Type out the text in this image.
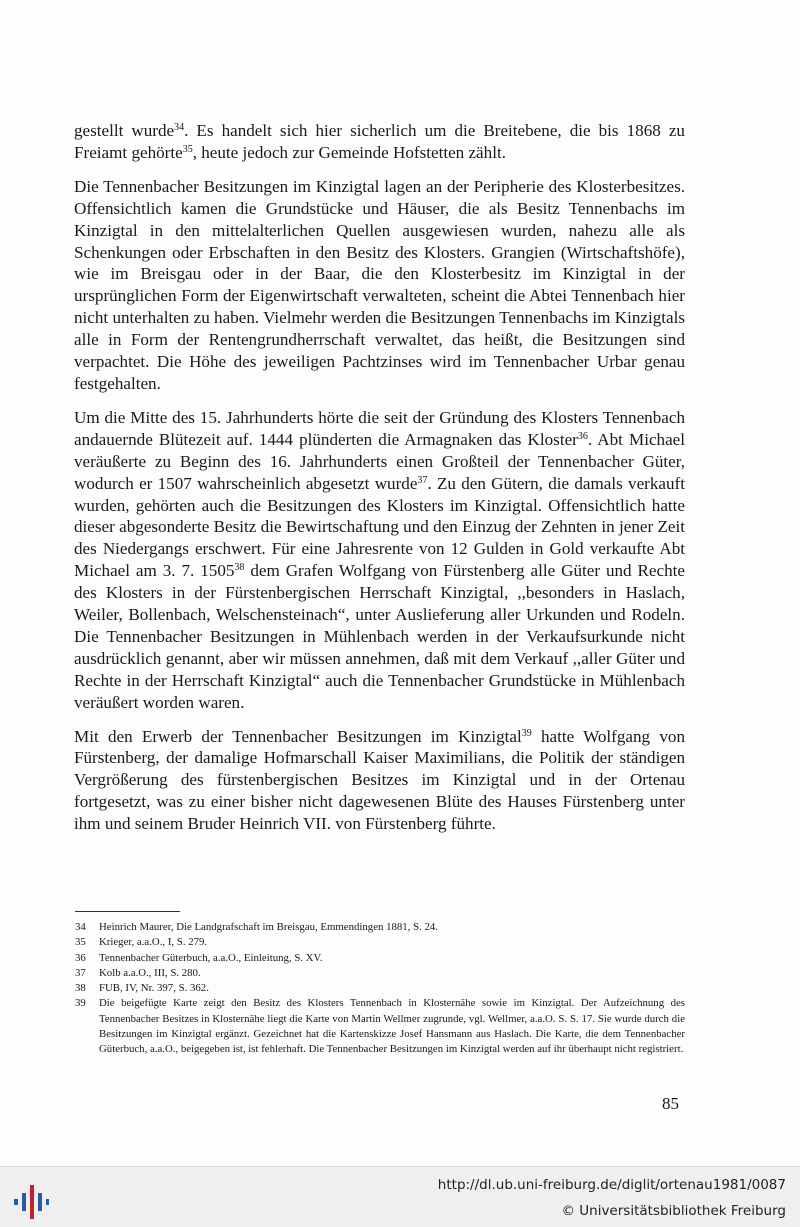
gestellt wurde$^{34}$. Es handelt sich hier sicherlich um die Breitebene, die bis 1868 zu Freiamt gehörte$^{35}$, heute jedoch zur Gemeinde Hofstetten zählt.

Die Tennenbacher Besitzungen im Kinzigtal lagen an der Peripherie des Klosterbesitzes. Offensichtlich kamen die Grundstücke und Häuser, die als Besitz Tennenbachs im Kinzigtal in den mittelalterlichen Quellen ausgewiesen wurden, nahezu alle als Schenkungen oder Erbschaften in den Besitz des Klosters. Grangien (Wirtschaftshöfe), wie im Breisgau oder in der Baar, die den Klosterbesitz im Kinzigtal in der ursprünglichen Form der Eigenwirtschaft verwalteten, scheint die Abtei Tennenbach hier nicht unterhalten zu haben. Vielmehr werden die Besitzungen Tennenbachs im Kinzigtals alle in Form der Rentengrundherrschaft verwaltet, das heißt, die Besitzungen sind verpachtet. Die Höhe des jeweiligen Pachtzinses wird im Tennenbacher Urbar genau festgehalten.

Um die Mitte des 15. Jahrhunderts hörte die seit der Gründung des Klosters Tennenbach andauernde Blütezeit auf. 1444 plünderten die Armagnaken das Kloster$^{36}$. Abt Michael veräußerte zu Beginn des 16. Jahrhunderts einen Großteil der Tennenbacher Güter, wodurch er 1507 wahrscheinlich abgesetzt wurde$^{37}$. Zu den Gütern, die damals verkauft wurden, gehörten auch die Besitzungen des Klosters im Kinzigtal. Offensichtlich hatte dieser abgesonderte Besitz die Bewirtschaftung und den Einzug der Zehnten in jener Zeit des Niedergangs erschwert. Für eine Jahresrente von 12 Gulden in Gold verkaufte Abt Michael am 3. 7. 1505$^{38}$ dem Grafen Wolfgang von Fürstenberg alle Güter und Rechte des Klosters in der Fürstenbergischen Herrschaft Kinzigtal, ,,besonders in Haslach, Weiler, Bollenbach, Welschensteinach“, unter Auslieferung aller Urkunden und Rodeln. Die Tennenbacher Besitzungen in Mühlenbach werden in der Verkaufsurkunde nicht ausdrücklich genannt, aber wir müssen annehmen, daß mit dem Verkauf ,,aller Güter und Rechte in der Herrschaft Kinzigtal“ auch die Tennenbacher Grundstücke in Mühlenbach veräußert worden waren.

Mit den Erwerb der Tennenbacher Besitzungen im Kinzigtal$^{39}$ hatte Wolfgang von Fürstenberg, der damalige Hofmarschall Kaiser Maximilians, die Politik der ständigen Vergrößerung des fürstenbergischen Besitzes im Kinzigtal und in der Ortenau fortgesetzt, was zu einer bisher nicht dagewesenen Blüte des Hauses Fürstenberg unter ihm und seinem Bruder Heinrich VII. von Fürstenberg führte.

34	Heinrich Maurer, Die Landgrafschaft im Breisgau, Emmendingen 1881, S. 24.
35	Krieger, a.a.O., I, S. 279.
36	Tennenbacher Güterbuch, a.a.O., Einleitung, S. XV.
37	Kolb a.a.O., III, S. 280.
38	FUB, IV, Nr. 397, S. 362.
39	Die beigefügte Karte zeigt den Besitz des Klosters Tennenbach in Klosternähe sowie im Kinzigtal. Der Aufzeichnung des Tennenbacher Besitzes in Klosternähe liegt die Karte von Martin Wellmer zugrunde, vgl. Wellmer, a.a.O. S. S. 17. Sie wurde durch die Besitzungen im Kinzigtal ergänzt. Gezeichnet hat die Kartenskizze Josef Hansmann aus Haslach. Die Karte, die dem Tennenbacher Güterbuch, a.a.O., beigegeben ist, ist fehlerhaft. Die Tennenbacher Besitzungen im Kinzigtal werden auf ihr überhaupt nicht registriert.
85
http://dl.ub.uni-freiburg.de/diglit/ortenau1981/0087
© Universitätsbibliothek Freiburg
